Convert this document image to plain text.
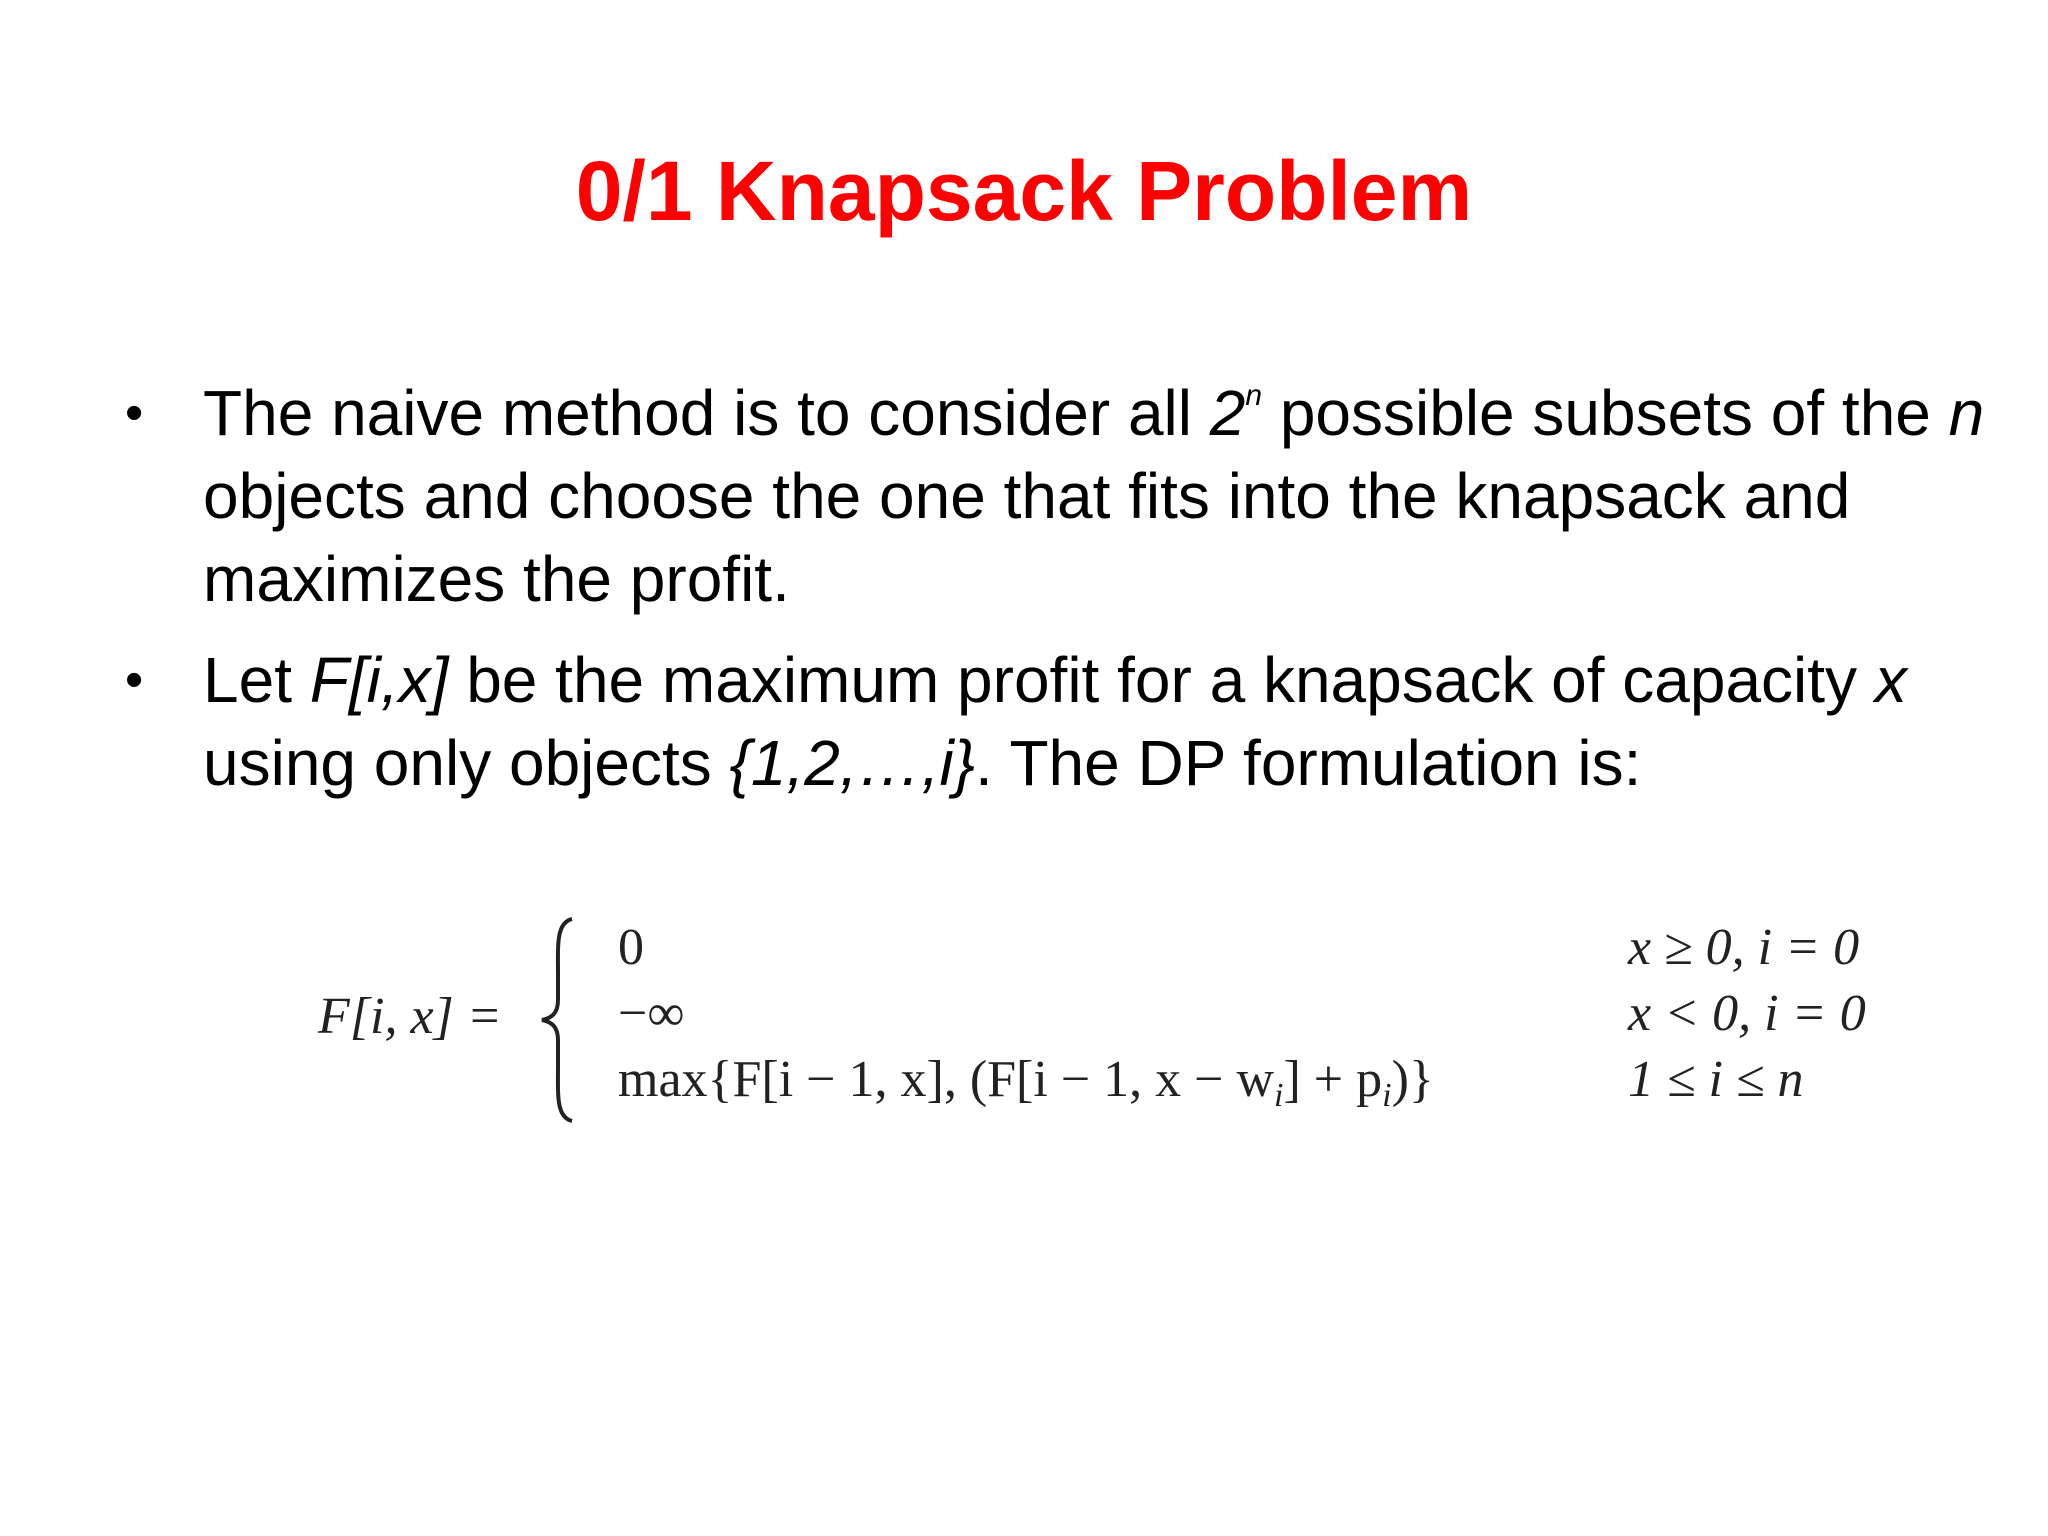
0/1 Knapsack Problem
• The naive method is to consider all 2$^n$ possible subsets of the n objects and choose the one that fits into the knapsack and maximizes the profit.
• Let F[i,x] be the maximum profit for a knapsack of capacity x using only objects {1,2,…,i}. The DP formulation is:
F[i, x] =
0	x ≥ 0, i = 0
−∞	x < 0, i = 0
max{F[i − 1, x], (F[i − 1, $x - w_i] + p_i$)}	1 ≤ i ≤ n
